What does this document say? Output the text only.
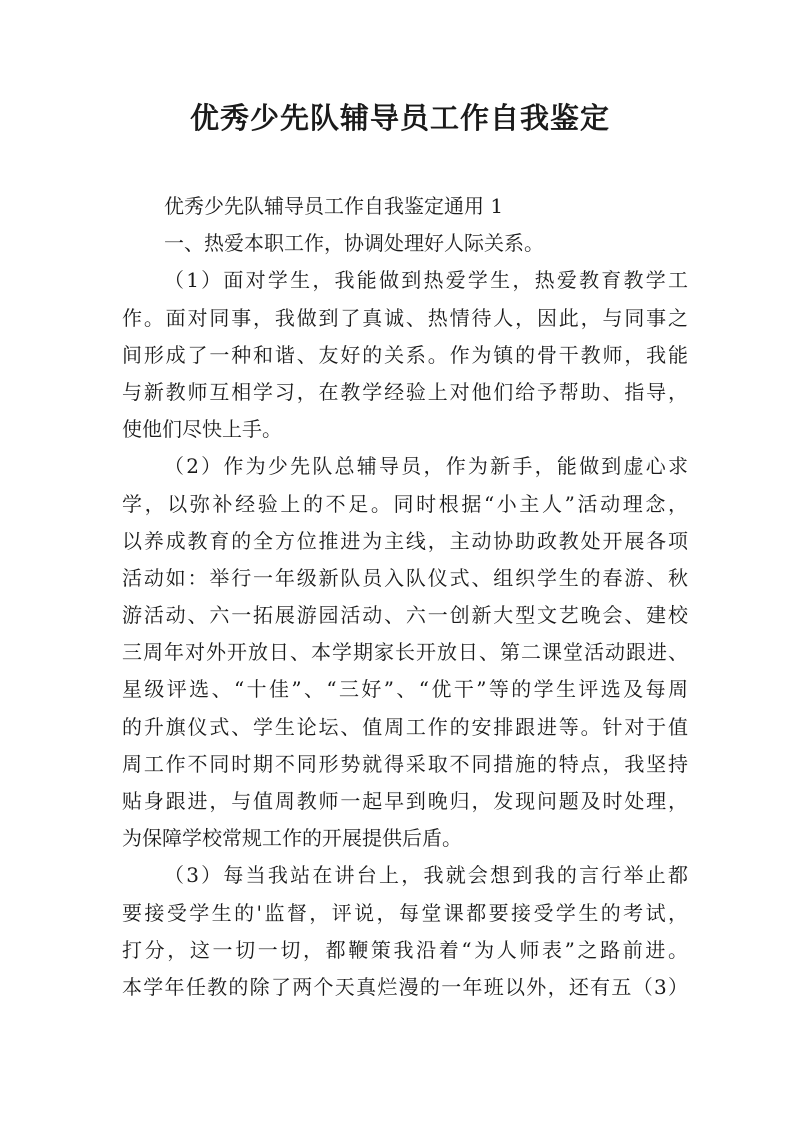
优秀少先队辅导员工作自我鉴定
优秀少先队辅导员工作自我鉴定通用 1
一、热爱本职工作，协调处理好人际关系。
（1）面对学生，我能做到热爱学生，热爱教育教学工
作。面对同事，我做到了真诚、热情待人，因此，与同事之
间形成了一种和谐、友好的关系。作为镇的骨干教师，我能
与新教师互相学习，在教学经验上对他们给予帮助、指导，
使他们尽快上手。
（2）作为少先队总辅导员，作为新手，能做到虚心求
学，以弥补经验上的不足。同时根据“小主人”活动理念，
以养成教育的全方位推进为主线，主动协助政教处开展各项
活动如：举行一年级新队员入队仪式、组织学生的春游、秋
游活动、六一拓展游园活动、六一创新大型文艺晚会、建校
三周年对外开放日、本学期家长开放日、第二课堂活动跟进、
星级评选、“十佳”、“三好”、“优干”等的学生评选及每周
的升旗仪式、学生论坛、值周工作的安排跟进等。针对于值
周工作不同时期不同形势就得采取不同措施的特点，我坚持
贴身跟进，与值周教师一起早到晚归，发现问题及时处理，
为保障学校常规工作的开展提供后盾。
（3）每当我站在讲台上，我就会想到我的言行举止都
要接受学生的'监督，评说，每堂课都要接受学生的考试，
打分，这一切一切，都鞭策我沿着“为人师表”之路前进。
本学年任教的除了两个天真烂漫的一年班以外，还有五（3）
